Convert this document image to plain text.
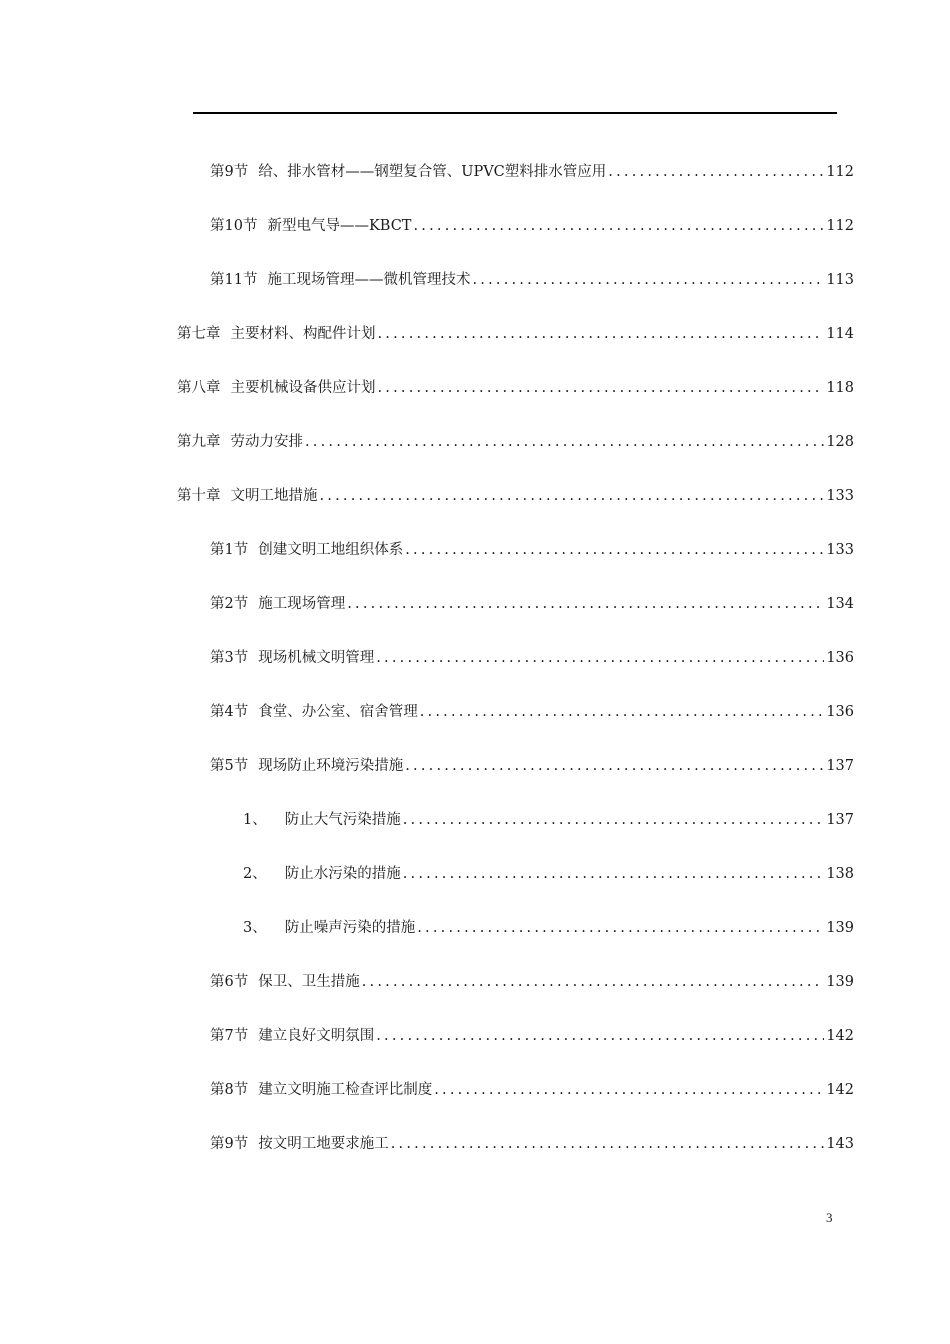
第9节 给、排水管材——钢塑复合管、UPVC塑料排水管应用 .....	112
第10节 新型电气导——KBCT .....	112
第11节 施工现场管理——微机管理技术 .....	113
第七章 主要材料、构配件计划 .....	114
第八章 主要机械设备供应计划 .....	118
第九章 劳动力安排 .....	128
第十章 文明工地措施 .....	133
第1节 创建文明工地组织体系 .....	133
第2节 施工现场管理 .....	134
第3节 现场机械文明管理 .....	136
第4节 食堂、办公室、宿舍管理 .....	136
第5节 现场防止环境污染措施 .....	137
1、 防止大气污染措施 .....	137
2、 防止水污染的措施 .....	138
3、 防止噪声污染的措施 .....	139
第6节 保卫、卫生措施 .....	139
第7节 建立良好文明氛围 .....	142
第8节 建立文明施工检查评比制度 .....	142
第9节 按文明工地要求施工 .....	143
3
